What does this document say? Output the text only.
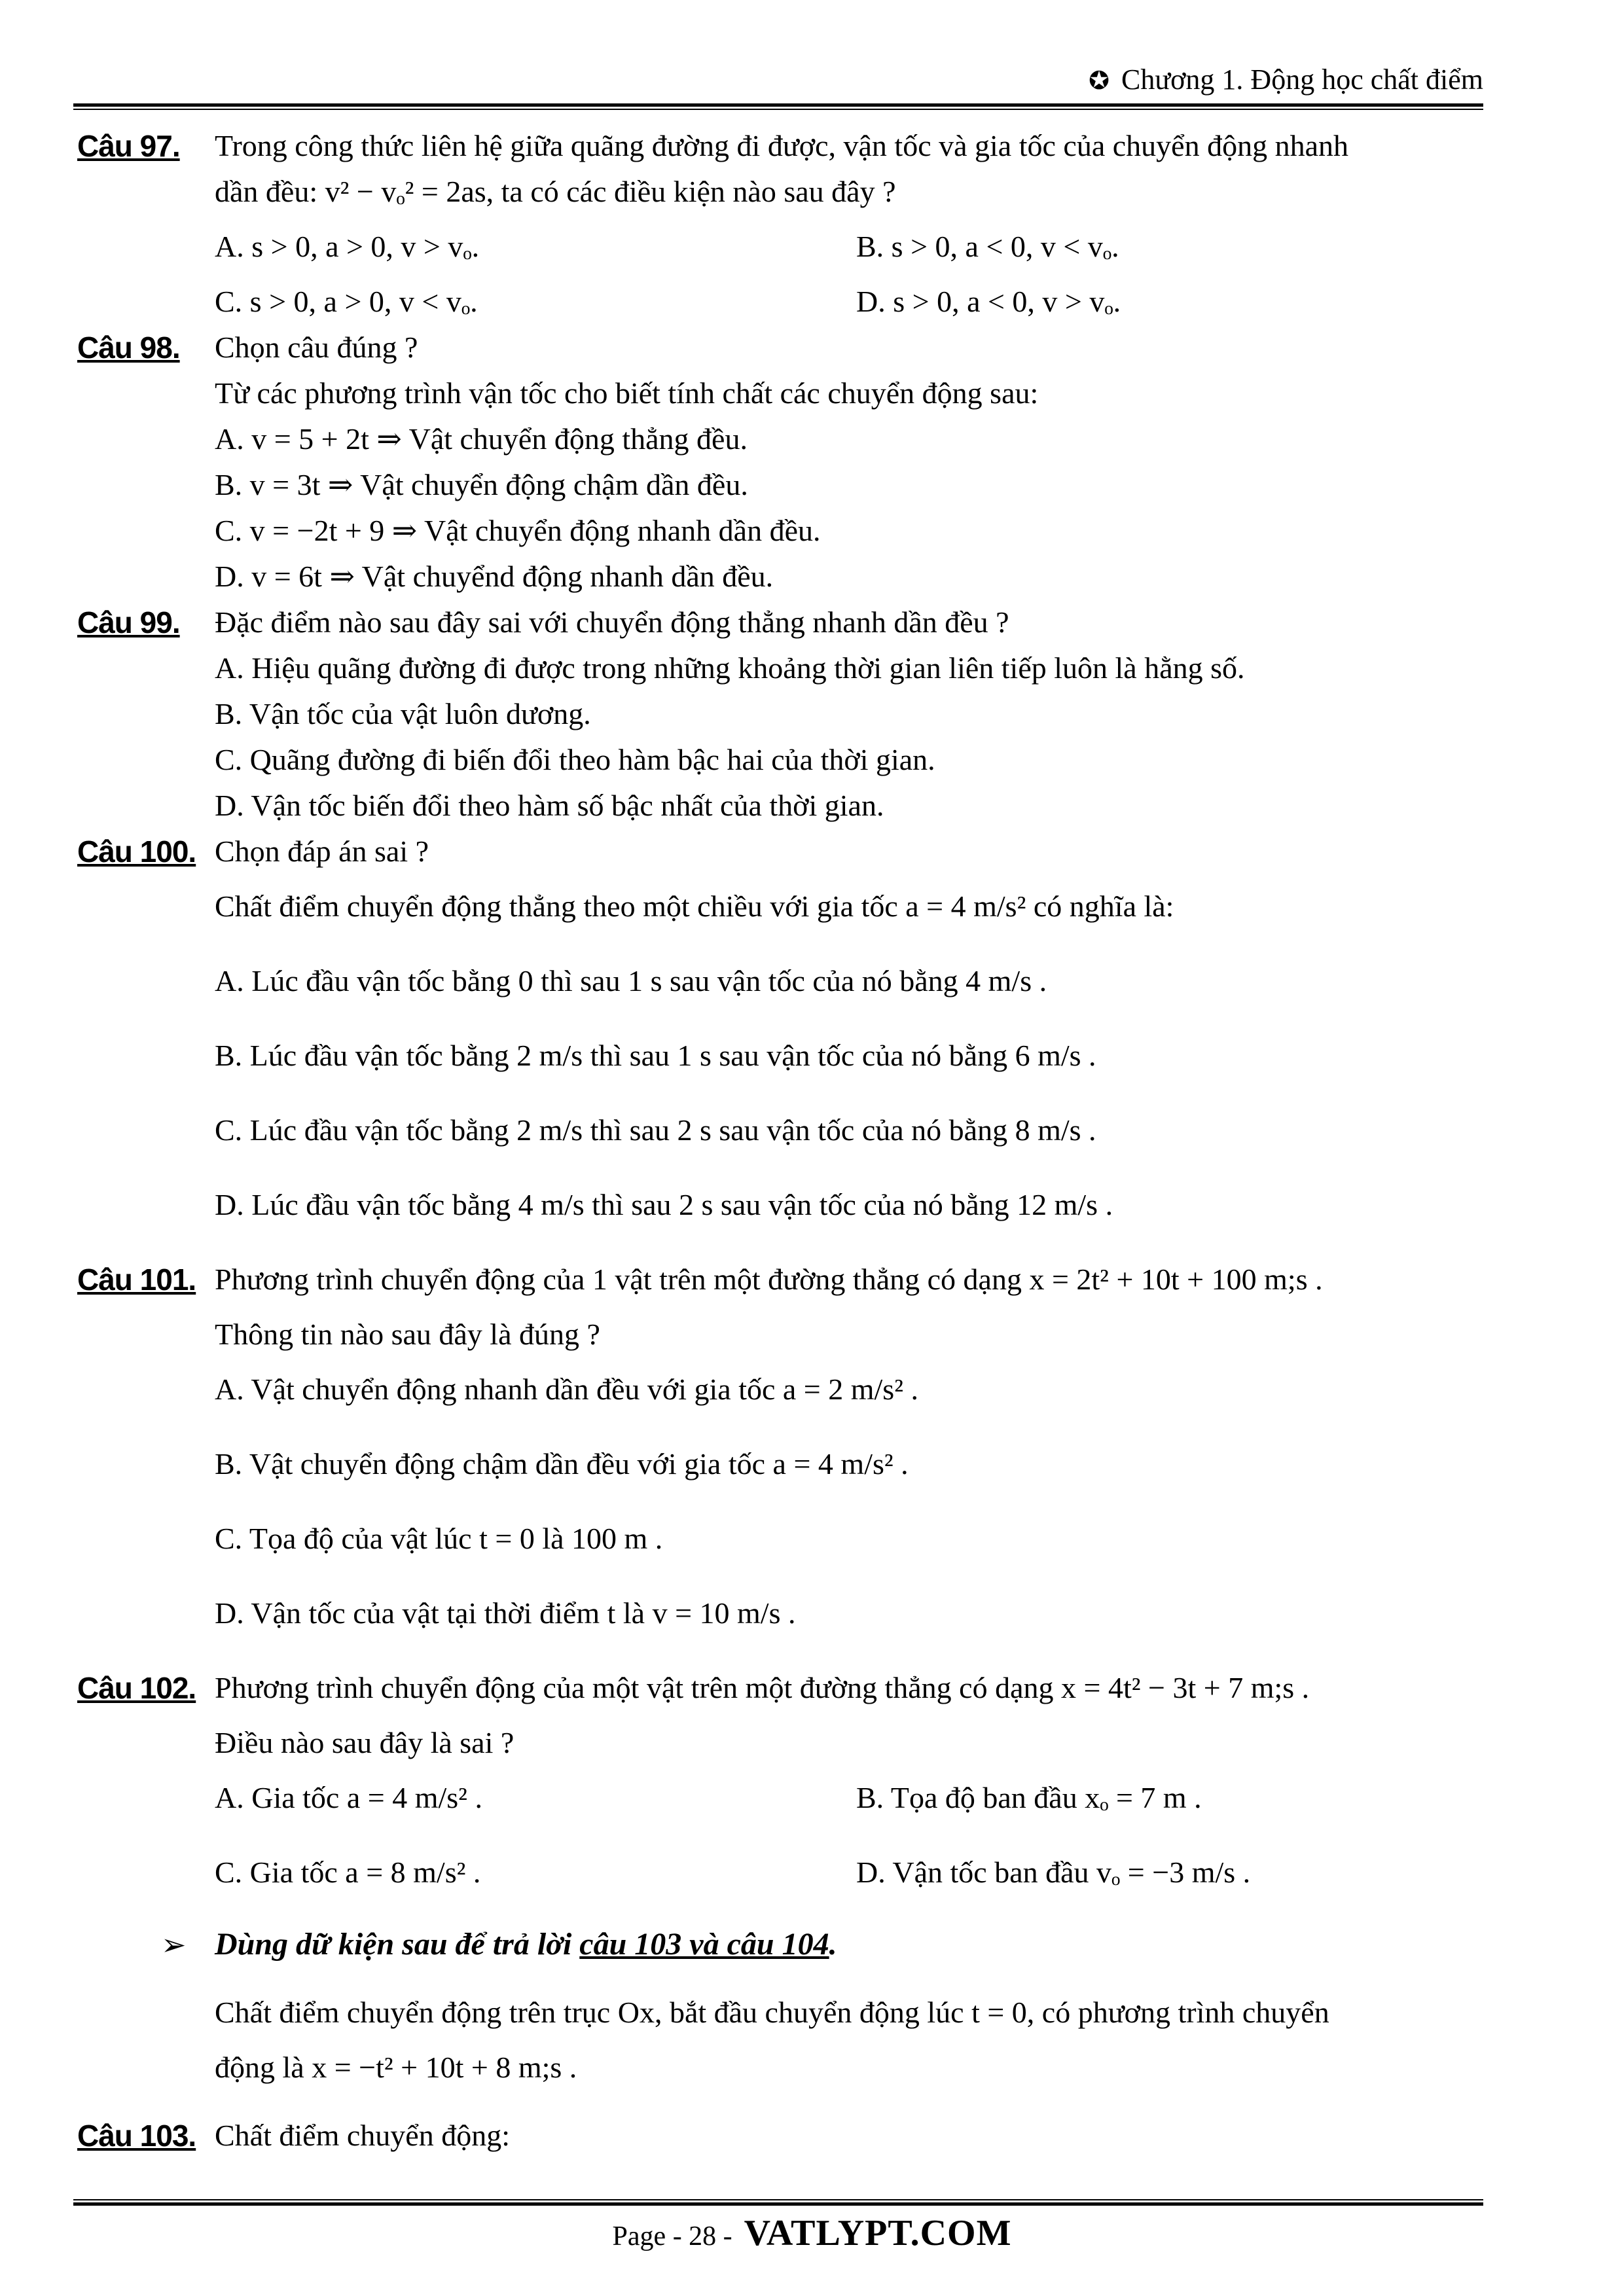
✪ Chương 1. Động học chất điểm
Câu 97. Trong công thức liên hệ giữa quãng đường đi được, vận tốc và gia tốc của chuyển động nhanh
dần đều: v² − vₒ² = 2as, ta có các điều kiện nào sau đây ?
A. s > 0, a > 0, v > vₒ.	B. s > 0, a < 0, v < vₒ.
C. s > 0, a > 0, v < vₒ.	D. s > 0, a < 0, v > vₒ.
Câu 98. Chọn câu đúng ?
Từ các phương trình vận tốc cho biết tính chất các chuyển động sau:
A. v = 5 + 2t ⇒ Vật chuyển động thẳng đều.
B. v = 3t ⇒ Vật chuyển động chậm dần đều.
C. v = −2t + 9 ⇒ Vật chuyển động nhanh dần đều.
D. v = 6t ⇒ Vật chuyểnd động nhanh dần đều.
Câu 99. Đặc điểm nào sau đây sai với chuyển động thẳng nhanh dần đều ?
A. Hiệu quãng đường đi được trong những khoảng thời gian liên tiếp luôn là hằng số.
B. Vận tốc của vật luôn dương.
C. Quãng đường đi biến đổi theo hàm bậc hai của thời gian.
D. Vận tốc biến đổi theo hàm số bậc nhất của thời gian.
Câu 100. Chọn đáp án sai ?
Chất điểm chuyển động thẳng theo một chiều với gia tốc a = 4 m/s² có nghĩa là:
A. Lúc đầu vận tốc bằng 0 thì sau 1 s sau vận tốc của nó bằng 4 m/s .
B. Lúc đầu vận tốc bằng 2 m/s thì sau 1 s sau vận tốc của nó bằng 6 m/s .
C. Lúc đầu vận tốc bằng 2 m/s thì sau 2 s sau vận tốc của nó bằng 8 m/s .
D. Lúc đầu vận tốc bằng 4 m/s thì sau 2 s sau vận tốc của nó bằng 12 m/s .
Câu 101. Phương trình chuyển động của 1 vật trên một đường thẳng có dạng x = 2t² + 10t + 100 m;s .
Thông tin nào sau đây là đúng ?
A. Vật chuyển động nhanh dần đều với gia tốc a = 2 m/s² .
B. Vật chuyển động chậm dần đều với gia tốc a = 4 m/s² .
C. Tọa độ của vật lúc t = 0 là 100 m .
D. Vận tốc của vật tại thời điểm t là v = 10 m/s .
Câu 102. Phương trình chuyển động của một vật trên một đường thẳng có dạng x = 4t² − 3t + 7 m;s .
Điều nào sau đây là sai ?
A. Gia tốc a = 4 m/s² .	B. Tọa độ ban đầu xₒ = 7 m .
C. Gia tốc a = 8 m/s² .	D. Vận tốc ban đầu vₒ = −3 m/s .
➢ Dùng dữ kiện sau để trả lời câu 103 và câu 104.
Chất điểm chuyển động trên trục Ox, bắt đầu chuyển động lúc t = 0, có phương trình chuyển
động là x = −t² + 10t + 8 m;s .
Câu 103. Chất điểm chuyển động:
Page - 28 - VATLYPT.COM
